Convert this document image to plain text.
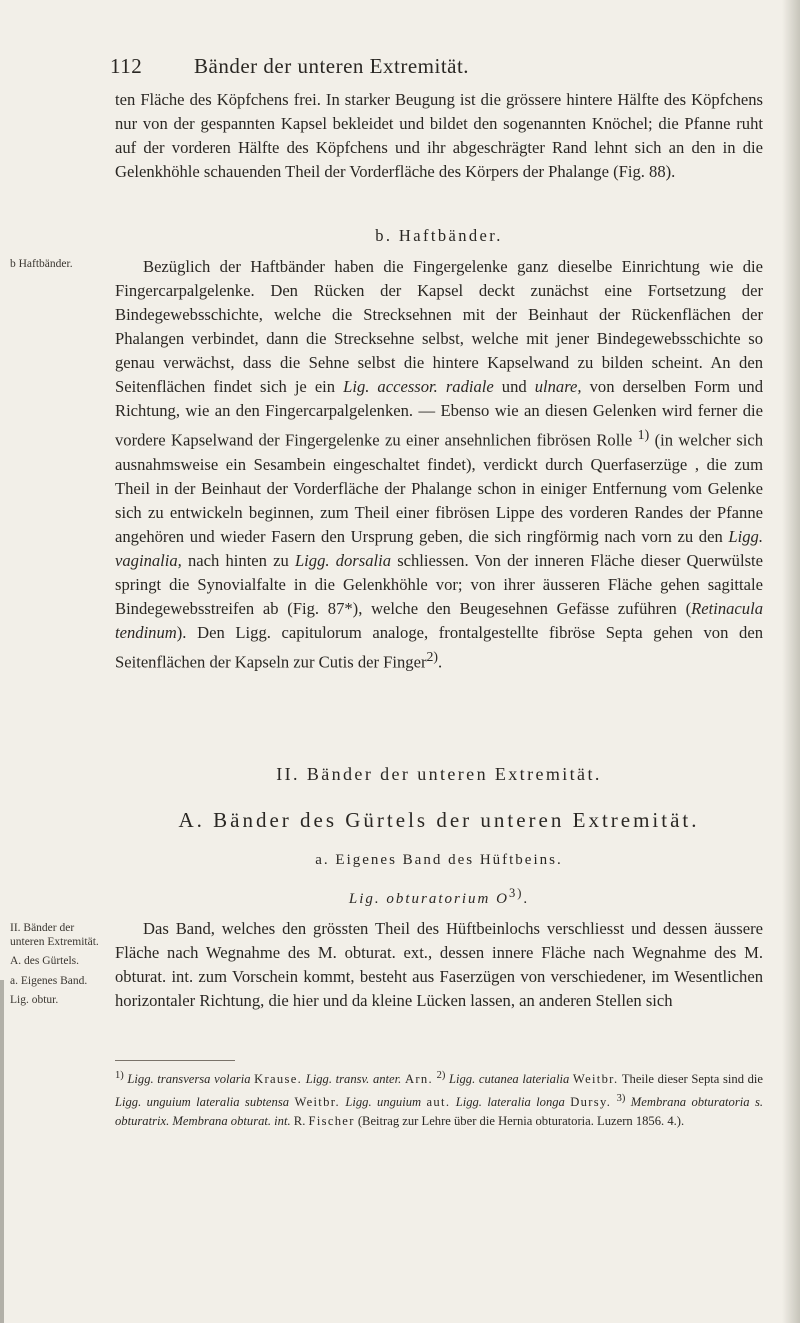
112 Bänder der unteren Extremität.

ten Fläche des Köpfchens frei. In starker Beugung ist die grössere hintere Hälfte des Köpfchens nur von der gespannten Kapsel bekleidet und bildet den sogenannten Knöchel; die Pfanne ruht auf der vorderen Hälfte des Köpfchens und ihr abgeschrägter Rand lehnt sich an den in die Gelenkhöhle schauenden Theil der Vorderfläche des Körpers der Phalange (Fig. 88).

b. Haftbänder.
b Haftbänder.	Bezüglich der Haftbänder haben die Fingergelenke ganz dieselbe Einrichtung wie die Fingercarpalgelenke. Den Rücken der Kapsel deckt zunächst eine Fortsetzung der Bindegewebsschichte, welche die Strecksehnen mit der Beinhaut der Rückenflächen der Phalangen verbindet, dann die Strecksehne selbst, welche mit jener Bindegewebsschichte so genau verwächst, dass die Sehne selbst die hintere Kapselwand zu bilden scheint. An den Seitenflächen findet sich je ein Lig. accessor. radiale und ulnare, von derselben Form und Richtung, wie an den Fingercarpalgelenken. — Ebenso wie an diesen Gelenken wird ferner die vordere Kapselwand der Fingergelenke zu einer ansehnlichen fibrösen Rolle $^{1)}$ (in welcher sich ausnahmsweise ein Sesambein eingeschaltet findet), verdickt durch Querfaserzüge , die zum Theil in der Beinhaut der Vorderfläche der Phalange schon in einiger Entfernung vom Gelenke sich zu entwickeln beginnen, zum Theil einer fibrösen Lippe des vorderen Randes der Pfanne angehören und wieder Fasern den Ursprung geben, die sich ringförmig nach vorn zu den Ligg. vaginalia, nach hinten zu Ligg. dorsalia schliessen. Von der inneren Fläche dieser Querwülste springt die Synovialfalte in die Gelenkhöhle vor; von ihrer äusseren Fläche gehen sagittale Bindegewebsstreifen ab (Fig. 87*), welche den Beugesehnen Gefässe zuführen (Retinacula tendinum). Den Ligg. capitulorum analoge, frontalgestellte fibröse Septa gehen von den Seitenflächen der Kapseln zur Cutis der Finger$^{2)}$.

II. Bänder der unteren Extremität.
A. Bänder des Gürtels der unteren Extremität.
a. Eigenes Band des Hüftbeins.
Lig. obturatorium $O^{3)}$.
II. Bänder der unteren Extremität.
A. des Gürtels.
a. Eigenes Band.
Lig. obtur.

Das Band, welches den grössten Theil des Hüftbeinlochs verschliesst und dessen äussere Fläche nach Wegnahme des M. obturat. ext., dessen innere Fläche nach Wegnahme des M. obturat. int. zum Vorschein kommt, besteht aus Faserzügen von verschiedener, im Wesentlichen horizontaler Richtung, die hier und da kleine Lücken lassen, an anderen Stellen sich

$^{1)}$ Ligg. transversa volaria Krause. Ligg. transv. anter. Arn. $^{2)}$ Ligg. cutanea laterialia Weitbr. Theile dieser Septa sind die Ligg. unguium lateralia subtensa Weitbr. Ligg. unguium aut. Ligg. lateralia longa Dursy. $^{3)}$ Membrana obturatoria s. obturatrix. Membrana obturat. int. R. Fischer (Beitrag zur Lehre über die Hernia obturatoria. Luzern 1856. 4.).
